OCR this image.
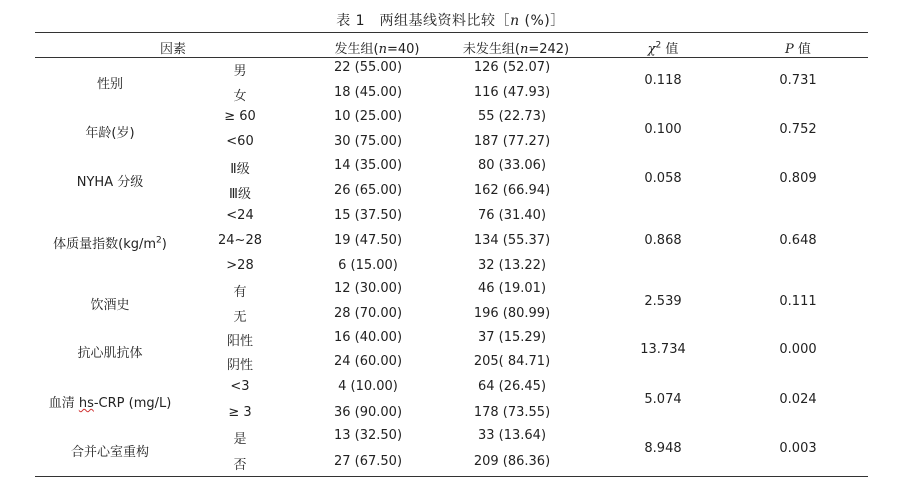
表 1　两组基线资料比较［n (%)］
因素	发生组(n=40)	未发生组(n=242)	$\chi^2$ 值	P 值
性别	0.118	0.731
男	22 (55.00)	126 (52.07)
女	18 (45.00)	116 (47.93)
年龄(岁)	0.100	0.752
≥ 60	10 (25.00)	55 (22.73)
<60	30 (75.00)	187 (77.27)
NYHA 分级	0.058	0.809
Ⅱ级	14 (35.00)	80 (33.06)
Ⅲ级	26 (65.00)	162 (66.94)
体质量指数$(kg/m^2)$	0.868	0.648
<24	15 (37.50)	76 (31.40)
24~28	19 (47.50)	134 (55.37)
>28	6 (15.00)	32 (13.22)
饮酒史	2.539	0.111
有	12 (30.00)	46 (19.01)
无	28 (70.00)	196 (80.99)
抗心肌抗体	13.734	0.000
阳性	16 (40.00)	37 (15.29)
阴性	24 (60.00)	205( 84.71)
血清 hs-CRP (mg/L)	5.074	0.024
<3	4 (10.00)	64 (26.45)
≥ 3	36 (90.00)	178 (73.55)
合并心室重构	8.948	0.003
是	13 (32.50)	33 (13.64)
否	27 (67.50)	209 (86.36)
